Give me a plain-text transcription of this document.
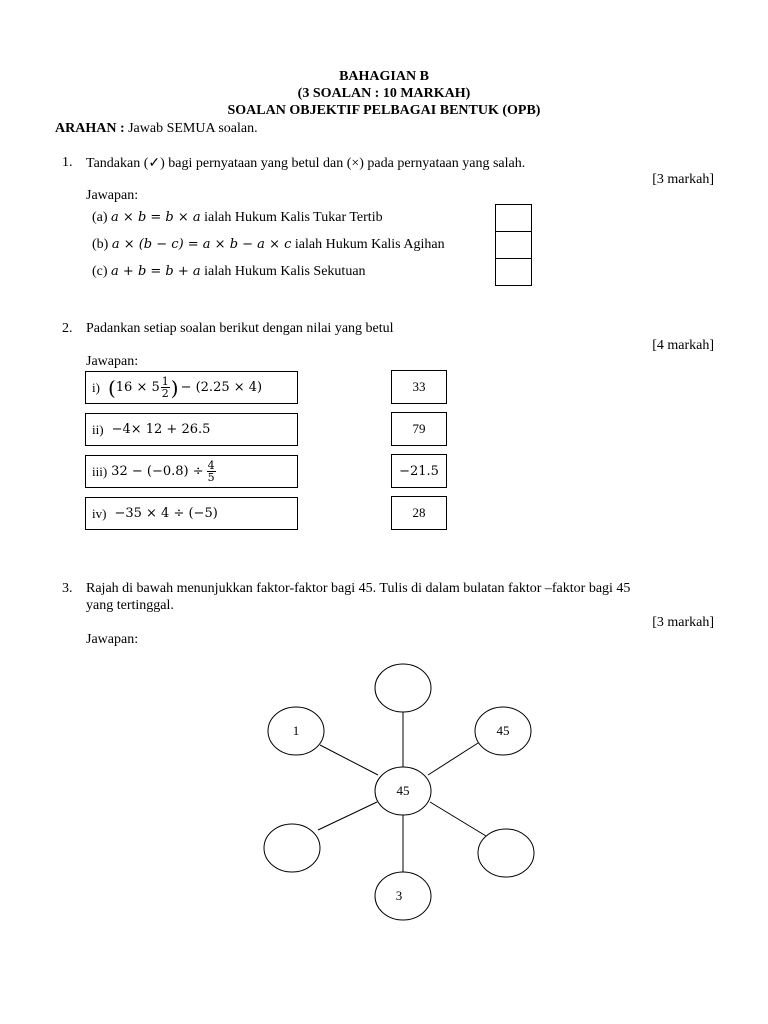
BAHAGIAN B
(3 SOALAN : 10 MARKAH)
SOALAN OBJEKTIF PELBAGAI BENTUK (OPB)
ARAHAN : Jawab SEMUA soalan.
1. Tandakan (✓) bagi pernyataan yang betul dan (×) pada pernyataan yang salah.
[3 markah]
Jawapan:
(a) a × b = b × a ialah Hukum Kalis Tukar Tertib
(b) a × (b − c) = a × b − a × c ialah Hukum Kalis Agihan
(c) a + b = b + a ialah Hukum Kalis Sekutuan
2. Padankan setiap soalan berikut dengan nilai yang betul
[4 markah]
Jawapan:
i) ( $16 \times 5 \frac{1}{2}$ ) − (2.25 × 4)
ii) −4× 12 + 26.5
iii) $32 - (-0.8) \div \frac{4}{5}$
iv) −35 × 4 ÷ (−5)
33
79
−21.5
28
3. Rajah di bawah menunjukkan faktor-faktor bagi 45. Tulis di dalam bulatan faktor –faktor bagi 45
yang tertinggal.
[3 markah]
Jawapan:
1	45
3
45
